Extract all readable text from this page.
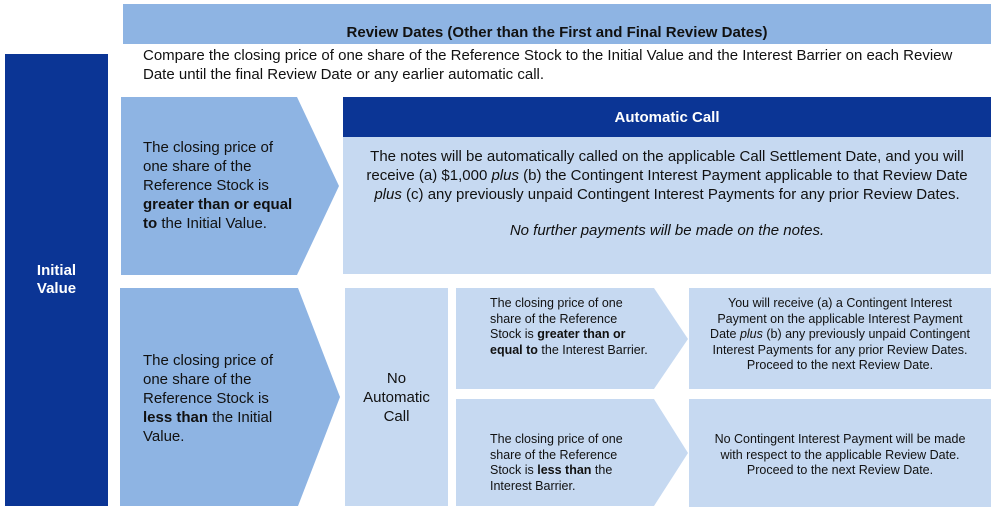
Review Dates (Other than the First and Final Review Dates)
Compare the closing price of one share of the Reference Stock to the Initial Value and the Interest Barrier on each Review Date until the final Review Date or any earlier automatic call.
Initial
Value
The closing price of one share of the Reference Stock is greater than or equal to the Initial Value.
Automatic Call

The notes will be automatically called on the applicable Call Settlement Date, and you will receive (a) $1,000 plus (b) the Contingent Interest Payment applicable to that Review Date plus (c) any previously unpaid Contingent Interest Payments for any prior Review Dates.

No further payments will be made on the notes.

The closing price of one share of the Reference Stock is less than the Initial Value.
No
Automatic
Call
The closing price of one share of the Reference Stock is greater than or equal to the Interest Barrier.
The closing price of one share of the Reference Stock is less than the Interest Barrier.
You will receive (a) a Contingent Interest Payment on the applicable Interest Payment Date plus (b) any previously unpaid Contingent Interest Payments for any prior Review Dates.
Proceed to the next Review Date.
No Contingent Interest Payment will be made with respect to the applicable Review Date.
Proceed to the next Review Date.
